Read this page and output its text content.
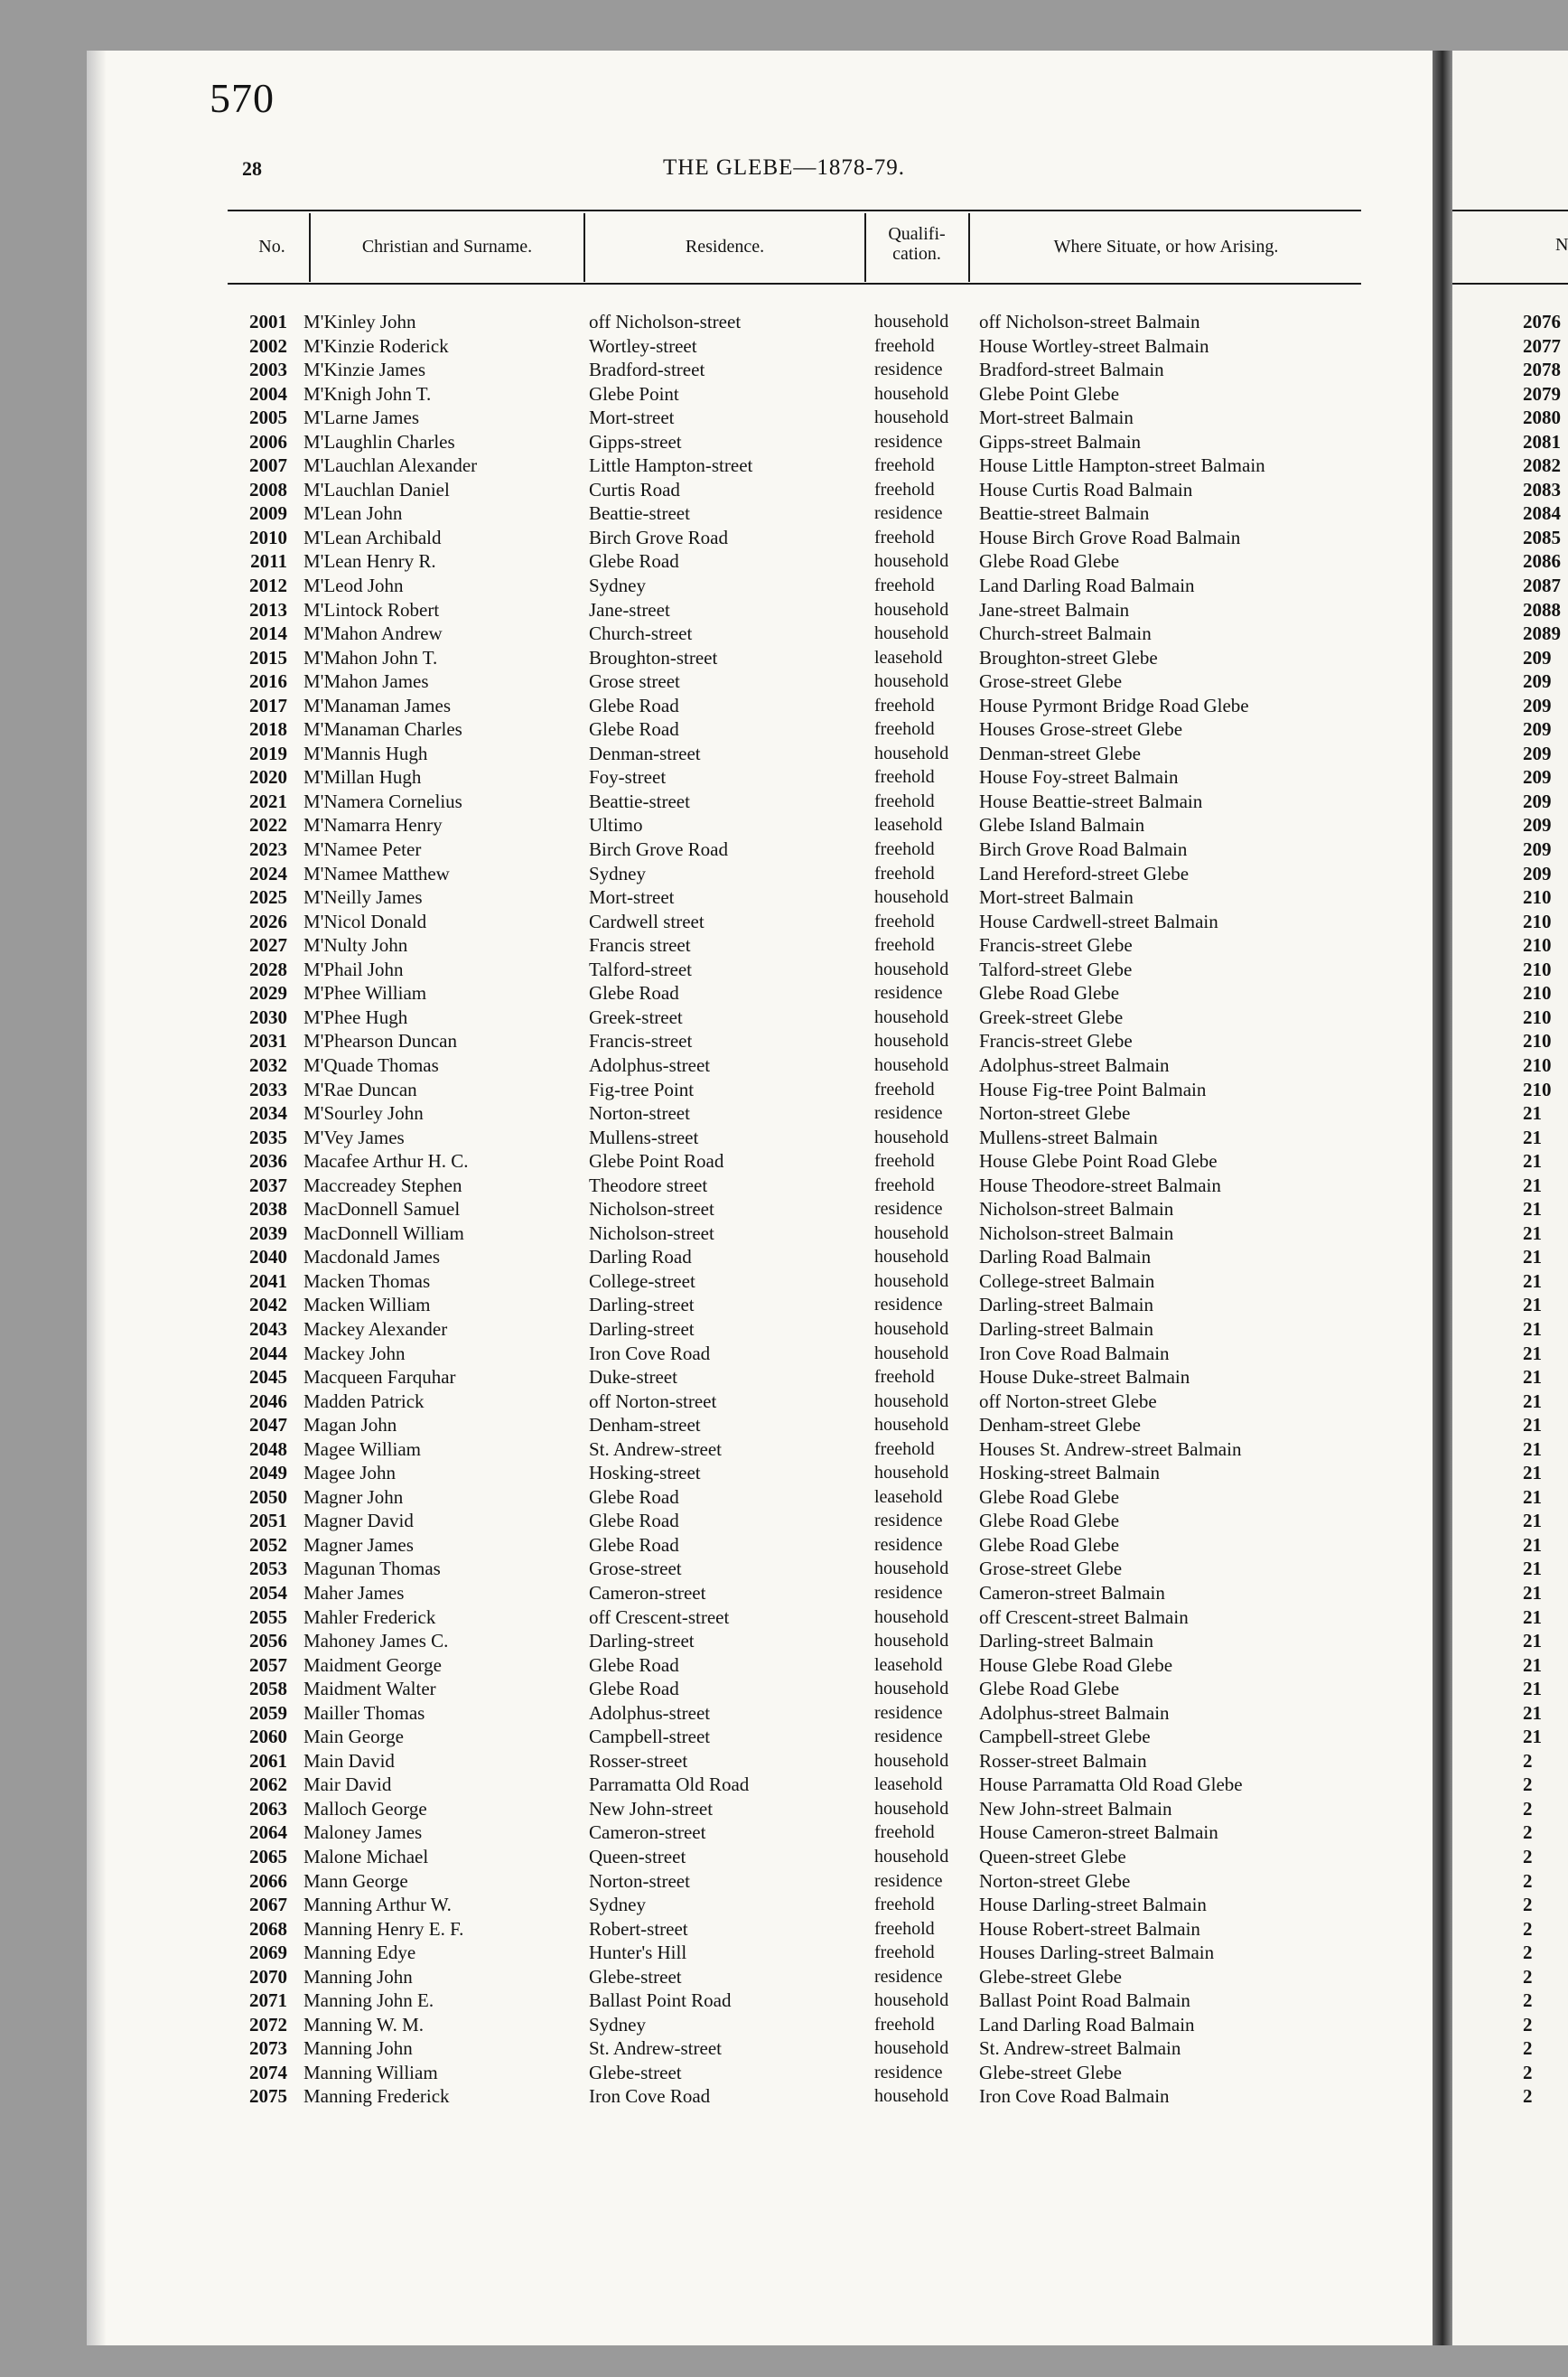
570
28	THE GLEBE—1878-79.
No.	Christian and Surname.	Residence.
Qualifi-
cation.	Where Situate, or how Arising.	N
2001 M'Kinley John	off Nicholson-street	household off Nicholson-street Balmain
2002 M'Kinzie Roderick	Wortley-street	freehold House Wortley-street Balmain
2003 M'Kinzie James	Bradford-street	residence Bradford-street Balmain
2004 M'Knigh John T.	Glebe Point	household Glebe Point Glebe
2005 M'Larne James	Mort-street	household Mort-street Balmain
2006 M'Laughlin Charles	Gipps-street	residence Gipps-street Balmain
2007 M'Lauchlan Alexander	Little Hampton-street	freehold House Little Hampton-street Balmain
2008 M'Lauchlan Daniel	Curtis Road	freehold House Curtis Road Balmain
2009 M'Lean John	Beattie-street	residence Beattie-street Balmain
2010 M'Lean Archibald	Birch Grove Road	freehold House Birch Grove Road Balmain
2011 M'Lean Henry R.	Glebe Road	household Glebe Road Glebe
2012 M'Leod John	Sydney	freehold Land Darling Road Balmain
2013 M'Lintock Robert	Jane-street	household Jane-street Balmain
2014 M'Mahon Andrew	Church-street	household Church-street Balmain
2015 M'Mahon John T.	Broughton-street	leasehold Broughton-street Glebe
2016 M'Mahon James	Grose street	household Grose-street Glebe
2017 M'Manaman James	Glebe Road	freehold House Pyrmont Bridge Road Glebe
2018 M'Manaman Charles	Glebe Road	freehold Houses Grose-street Glebe
2019 M'Mannis Hugh	Denman-street	household Denman-street Glebe
2020 M'Millan Hugh	Foy-street	freehold House Foy-street Balmain
2021 M'Namera Cornelius	Beattie-street	freehold House Beattie-street Balmain
2022 M'Namarra Henry	Ultimo	leasehold Glebe Island Balmain
2023 M'Namee Peter	Birch Grove Road	freehold Birch Grove Road Balmain
2024 M'Namee Matthew	Sydney	freehold Land Hereford-street Glebe
2025 M'Neilly James	Mort-street	household Mort-street Balmain
2026 M'Nicol Donald	Cardwell street	freehold House Cardwell-street Balmain
2027 M'Nulty John	Francis street	freehold Francis-street Glebe
2028 M'Phail John	Talford-street	household Talford-street Glebe
2029 M'Phee William	Glebe Road	residence Glebe Road Glebe
2030 M'Phee Hugh	Greek-street	household Greek-street Glebe
2031 M'Phearson Duncan	Francis-street	household Francis-street Glebe
2032 M'Quade Thomas	Adolphus-street	household Adolphus-street Balmain
2033 M'Rae Duncan	Fig-tree Point	freehold House Fig-tree Point Balmain
2034 M'Sourley John	Norton-street	residence Norton-street Glebe
2035 M'Vey James	Mullens-street	household Mullens-street Balmain
2036 Macafee Arthur H. C.	Glebe Point Road	freehold House Glebe Point Road Glebe
2037 Maccreadey Stephen	Theodore street	freehold House Theodore-street Balmain
2038 MacDonnell Samuel	Nicholson-street	residence Nicholson-street Balmain
2039 MacDonnell William	Nicholson-street	household Nicholson-street Balmain
2040 Macdonald James	Darling Road	household Darling Road Balmain
2041 Macken Thomas	College-street	household College-street Balmain
2042 Macken William	Darling-street	residence Darling-street Balmain
2043 Mackey Alexander	Darling-street	household Darling-street Balmain
2044 Mackey John	Iron Cove Road	household Iron Cove Road Balmain
2045 Macqueen Farquhar	Duke-street	freehold House Duke-street Balmain
2046 Madden Patrick	off Norton-street	household off Norton-street Glebe
2047 Magan John	Denham-street	household Denham-street Glebe
2048 Magee William	St. Andrew-street	freehold Houses St. Andrew-street Balmain
2049 Magee John	Hosking-street	household Hosking-street Balmain
2050 Magner John	Glebe Road	leasehold Glebe Road Glebe
2051 Magner David	Glebe Road	residence Glebe Road Glebe
2052 Magner James	Glebe Road	residence Glebe Road Glebe
2053 Magunan Thomas	Grose-street	household Grose-street Glebe
2054 Maher James	Cameron-street	residence Cameron-street Balmain
2055 Mahler Frederick	off Crescent-street	household off Crescent-street Balmain
2056 Mahoney James C.	Darling-street	household Darling-street Balmain
2057 Maidment George	Glebe Road	leasehold House Glebe Road Glebe
2058 Maidment Walter	Glebe Road	household Glebe Road Glebe
2059 Mailler Thomas	Adolphus-street	residence Adolphus-street Balmain
2060 Main George	Campbell-street	residence Campbell-street Glebe
2061 Main David	Rosser-street	household Rosser-street Balmain
2062 Mair David	Parramatta Old Road	leasehold House Parramatta Old Road Glebe
2063 Malloch George	New John-street	household New John-street Balmain
2064 Maloney James	Cameron-street	freehold House Cameron-street Balmain
2065 Malone Michael	Queen-street	household Queen-street Glebe
2066 Mann George	Norton-street	residence Norton-street Glebe
2067 Manning Arthur W.	Sydney	freehold House Darling-street Balmain
2068 Manning Henry E. F.	Robert-street	freehold House Robert-street Balmain
2069 Manning Edye	Hunter's Hill	freehold Houses Darling-street Balmain
2070 Manning John	Glebe-street	residence Glebe-street Glebe
2071 Manning John E.	Ballast Point Road	household Ballast Point Road Balmain
2072 Manning W. M.	Sydney	freehold Land Darling Road Balmain
2073 Manning John	St. Andrew-street	household St. Andrew-street Balmain
2074 Manning William	Glebe-street	residence Glebe-street Glebe
2075 Manning Frederick	Iron Cove Road	household Iron Cove Road Balmain
2076
2077
2078
2079
2080
2081
2082
2083
2084
2085
2086
2087
2088
2089
209
209
209
209
209
209
209
209
209
209
210
210
210
210
210
210
210
210
210
21
21
21
21
21
21
21
21
21
21
21
21
21
21
21
21
21
21
21
21
21
21
21
21
21
21
21
2
2
2
2
2
2
2
2
2
2
2
2
2
2
2
